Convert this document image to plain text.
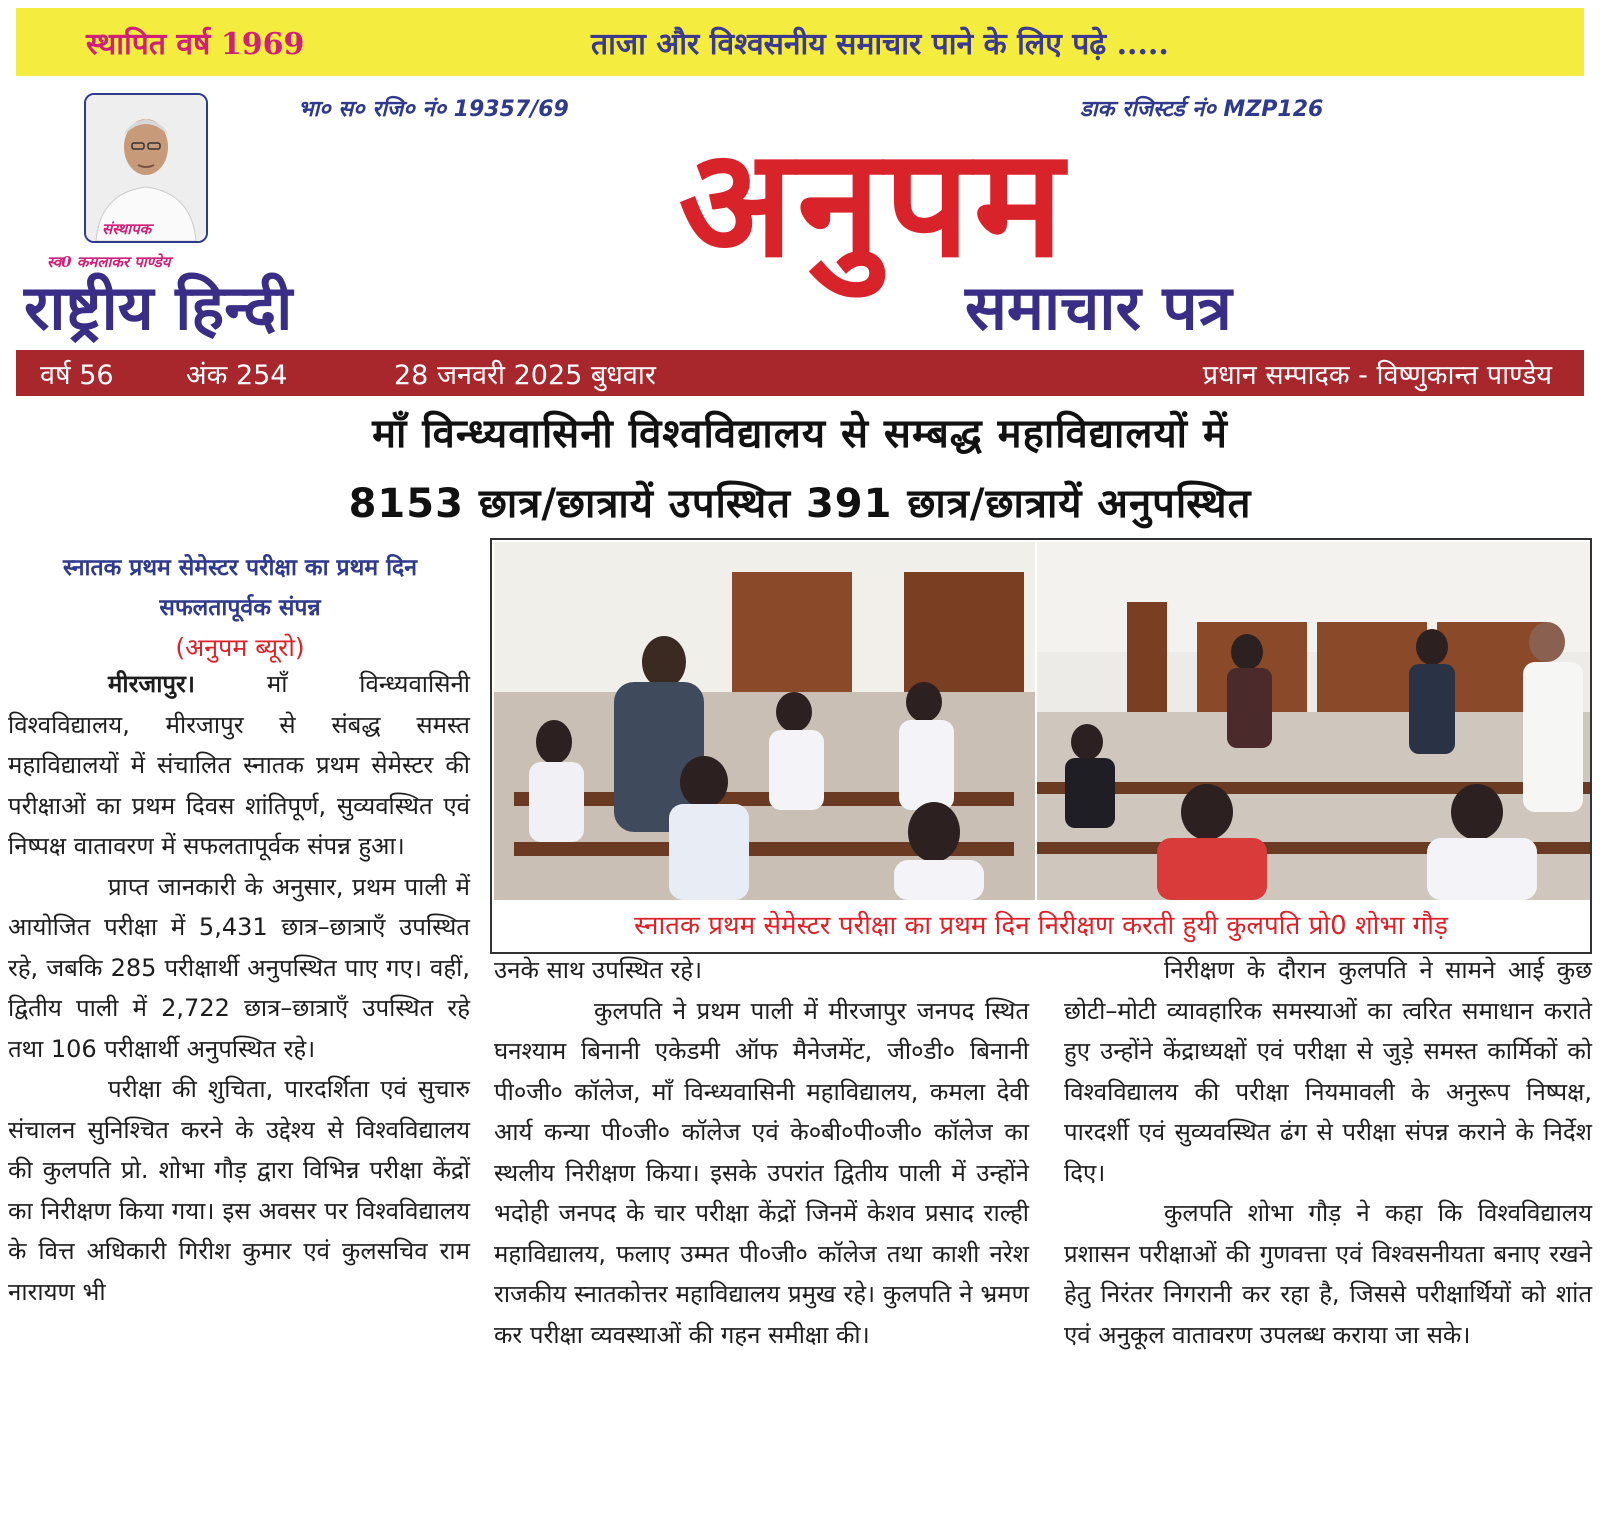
स्थापित वर्ष 1969	ताजा और विश्वसनीय समाचार पाने के लिए पढ़े .....
संस्थापक
स्व0 कमलाकर पाण्डेय
भा० स० रजि० नं० 19357/69	डाक रजिस्टर्ड नं० MZP126
अनुपम
राष्ट्रीय हिन्दी	समाचार पत्र
वर्ष 56	अंक 254	28 जनवरी 2025 बुधवार	प्रधान सम्पादक - विष्णुकान्त पाण्डेय
माँ विन्ध्यवासिनी विश्वविद्यालय से सम्बद्ध महाविद्यालयों में
8153 छात्र/छात्रायें उपस्थित 391 छात्र/छात्रायें अनुपस्थित
स्नातक प्रथम सेमेस्टर परीक्षा का प्रथम दिन सफलतापूर्वक संपन्न
(अनुपम ब्यूरो)

मीरजापुर।	माँ विन्ध्यवासिनी विश्वविद्यालय, मीरजापुर से संबद्ध समस्त महाविद्यालयों में संचालित स्नातक प्रथम सेमेस्टर की परीक्षाओं का प्रथम दिवस शांतिपूर्ण, सुव्यवस्थित एवं निष्पक्ष वातावरण में सफलतापूर्वक संपन्न हुआ।

प्राप्त जानकारी के अनुसार, प्रथम पाली में आयोजित परीक्षा में 5,431 छात्र–छात्राएँ उपस्थित रहे, जबकि 285 परीक्षार्थी अनुपस्थित पाए गए। वहीं, द्वितीय पाली में 2,722 छात्र–छात्राएँ उपस्थित रहे तथा 106 परीक्षार्थी अनुपस्थित रहे।

परीक्षा की शुचिता, पारदर्शिता एवं सुचारु संचालन सुनिश्चित करने के उद्देश्य से विश्वविद्यालय की कुलपति प्रो. शोभा गौड़ द्वारा विभिन्न परीक्षा केंद्रों का निरीक्षण किया गया। इस अवसर पर विश्वविद्यालय के वित्त अधिकारी गिरीश कुमार एवं कुलसचिव राम नारायण भी

स्नातक प्रथम सेमेस्टर परीक्षा का प्रथम दिन निरीक्षण करती हुयी कुलपति प्रो0 शोभा गौड़

उनके साथ उपस्थित रहे।

कुलपति ने प्रथम पाली में मीरजापुर जनपद स्थित घनश्याम बिनानी एकेडमी ऑफ मैनेजमेंट, जी०डी० बिनानी पी०जी० कॉलेज, माँ विन्ध्यवासिनी महाविद्यालय, कमला देवी आर्य कन्या पी०जी० कॉलेज एवं के०बी०पी०जी० कॉलेज का स्थलीय निरीक्षण किया। इसके उपरांत द्वितीय पाली में उन्होंने भदोही जनपद के चार परीक्षा केंद्रों जिनमें केशव प्रसाद राल्ही महाविद्यालय, फलाए उम्मत पी०जी० कॉलेज तथा काशी नरेश राजकीय स्नातकोत्तर महाविद्यालय प्रमुख रहे। कुलपति ने भ्रमण कर परीक्षा व्यवस्थाओं की गहन समीक्षा की।

निरीक्षण के दौरान कुलपति ने सामने आई कुछ छोटी–मोटी व्यावहारिक समस्याओं का त्वरित समाधान कराते हुए उन्होंने केंद्राध्यक्षों एवं परीक्षा से जुड़े समस्त कार्मिकों को विश्वविद्यालय की परीक्षा नियमावली के अनुरूप निष्पक्ष, पारदर्शी एवं सुव्यवस्थित ढंग से परीक्षा संपन्न कराने के निर्देश दिए।

कुलपति शोभा गौड़ ने कहा कि विश्वविद्यालय प्रशासन परीक्षाओं की गुणवत्ता एवं विश्वसनीयता बनाए रखने हेतु निरंतर निगरानी कर रहा है, जिससे परीक्षार्थियों को शांत एवं अनुकूल वातावरण उपलब्ध कराया जा सके।
